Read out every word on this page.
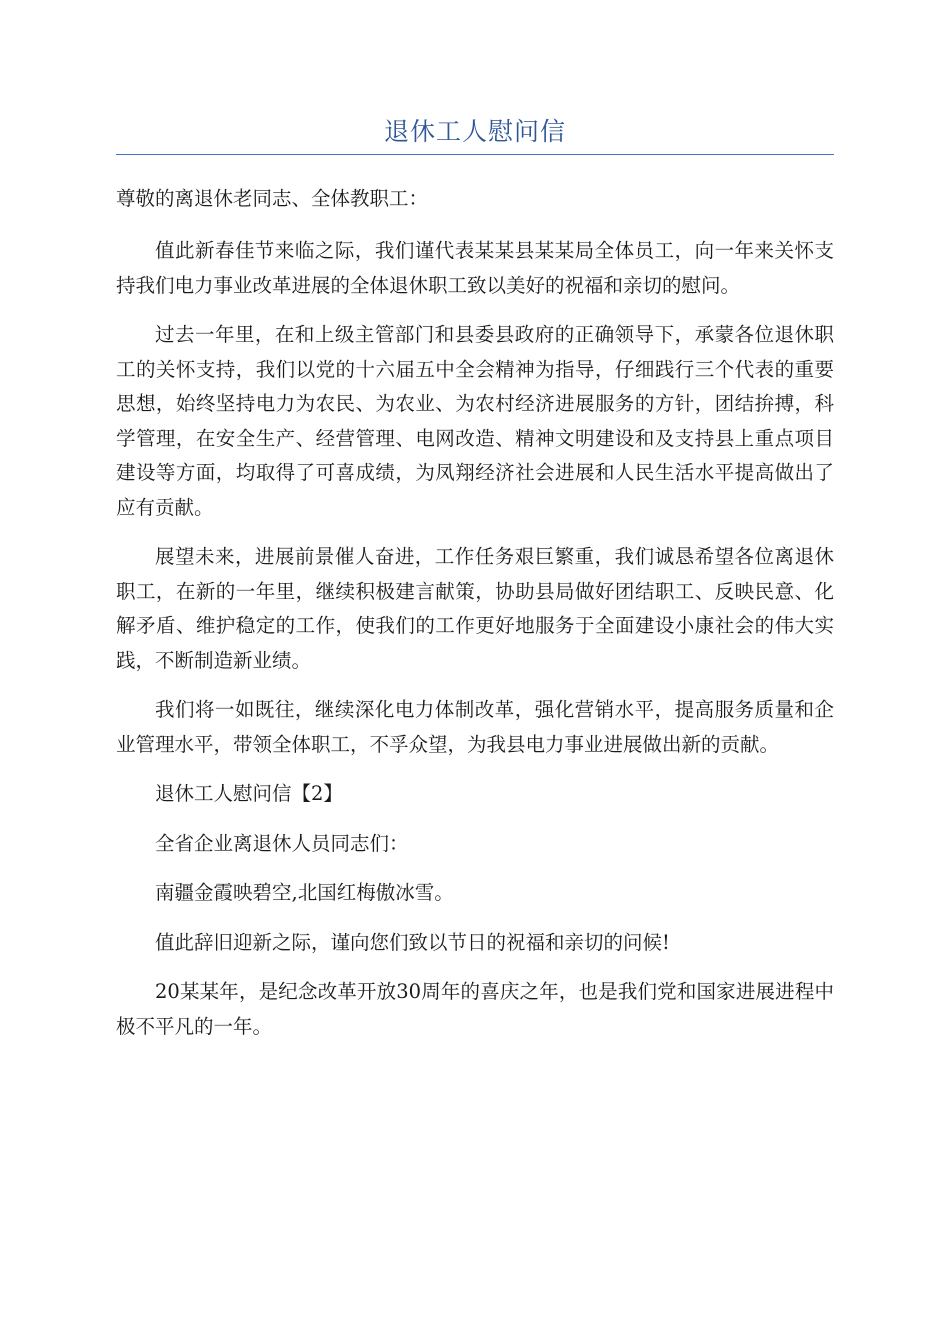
退休工人慰问信

尊敬的离退休老同志、全体教职工：

值此新春佳节来临之际，我们谨代表某某县某某局全体员工，向一年来关怀支持我们电力事业改革进展的全体退休职工致以美好的祝福和亲切的慰问。

过去一年里，在和上级主管部门和县委县政府的正确领导下，承蒙各位退休职工的关怀支持，我们以党的十六届五中全会精神为指导，仔细践行三个代表的重要思想，始终坚持电力为农民、为农业、为农村经济进展服务的方针，团结拚搏，科学管理，在安全生产、经营管理、电网改造、精神文明建设和及支持县上重点项目建设等方面，均取得了可喜成绩，为凤翔经济社会进展和人民生活水平提高做出了应有贡献。

展望未来，进展前景催人奋进，工作任务艰巨繁重，我们诚恳希望各位离退休职工，在新的一年里，继续积极建言献策，协助县局做好团结职工、反映民意、化解矛盾、维护稳定的工作，使我们的工作更好地服务于全面建设小康社会的伟大实践，不断制造新业绩。

我们将一如既往，继续深化电力体制改革，强化营销水平，提高服务质量和企业管理水平，带领全体职工，不孚众望，为我县电力事业进展做出新的贡献。

退休工人慰问信【2】

全省企业离退休人员同志们：

南疆金霞映碧空,北国红梅傲冰雪。

值此辞旧迎新之际，谨向您们致以节日的祝福和亲切的问候!

20某某年，是纪念改革开放30周年的喜庆之年，也是我们党和国家进展进程中极不平凡的一年。
